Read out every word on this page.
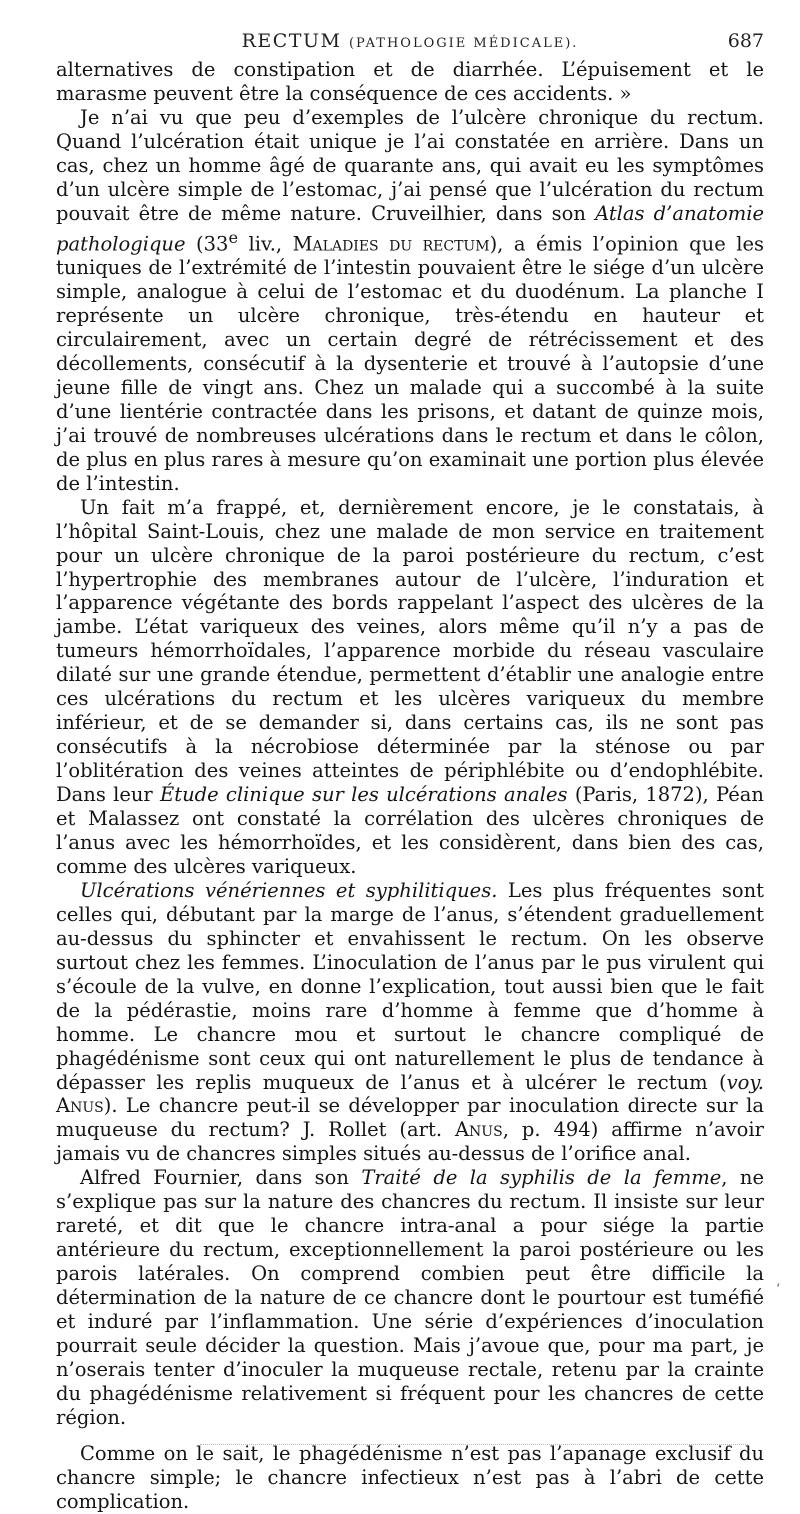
RECTUM (PATHOLOGIE MÉDICALE).	687

alternatives de constipation et de diarrhée. L’épuisement et le marasme peuvent être la conséquence de ces accidents. »

Je n’ai vu que peu d’exemples de l’ulcère chronique du rectum. Quand l’ulcération était unique je l’ai constatée en arrière. Dans un cas, chez un homme âgé de quarante ans, qui avait eu les symptômes d’un ulcère simple de l’estomac, j’ai pensé que l’ulcération du rectum pouvait être de même nature. Cruveilhier, dans son Atlas d’anatomie pathologique (33e liv., Maladies du rectum), a émis l’opinion que les tuniques de l’extrémité de l’intestin pouvaient être le siége d’un ulcère simple, analogue à celui de l’estomac et du duodénum. La planche I représente un ulcère chronique, très-étendu en hauteur et circulairement, avec un certain degré de rétrécissement et des décollements, consécutif à la dysenterie et trouvé à l’autopsie d’une jeune fille de vingt ans. Chez un malade qui a succombé à la suite d’une lientérie contractée dans les prisons, et datant de quinze mois, j’ai trouvé de nombreuses ulcérations dans le rectum et dans le côlon, de plus en plus rares à mesure qu’on examinait une portion plus élevée de l’intestin.

Un fait m’a frappé, et, dernièrement encore, je le constatais, à l’hôpital Saint-Louis, chez une malade de mon service en traitement pour un ulcère chronique de la paroi postérieure du rectum, c’est l’hypertrophie des membranes autour de l’ulcère, l’induration et l’apparence végétante des bords rappelant l’aspect des ulcères de la jambe. L’état variqueux des veines, alors même qu’il n’y a pas de tumeurs hémorrhoïdales, l’apparence morbide du réseau vasculaire dilaté sur une grande étendue, permettent d’établir une analogie entre ces ulcérations du rectum et les ulcères variqueux du membre inférieur, et de se demander si, dans certains cas, ils ne sont pas consécutifs à la nécrobiose déterminée par la sténose ou par l’oblitération des veines atteintes de périphlébite ou d’endophlébite. Dans leur Étude clinique sur les ulcérations anales (Paris, 1872), Péan et Malassez ont constaté la corrélation des ulcères chroniques de l’anus avec les hémorrhoïdes, et les considèrent, dans bien des cas, comme des ulcères variqueux.

Ulcérations vénériennes et syphilitiques. Les plus fréquentes sont celles qui, débutant par la marge de l’anus, s’étendent graduellement au-dessus du sphincter et envahissent le rectum. On les observe surtout chez les femmes. L’inoculation de l’anus par le pus virulent qui s’écoule de la vulve, en donne l’explication, tout aussi bien que le fait de la pédérastie, moins rare d’homme à femme que d’homme à homme. Le chancre mou et surtout le chancre compliqué de phagédénisme sont ceux qui ont naturellement le plus de tendance à dépasser les replis muqueux de l’anus et à ulcérer le rectum (voy. Anus). Le chancre peut-il se développer par inoculation directe sur la muqueuse du rectum? J. Rollet (art. Anus, p. 494) affirme n’avoir jamais vu de chancres simples situés au-dessus de l’orifice anal.

Alfred Fournier, dans son Traité de la syphilis de la femme, ne s’explique pas sur la nature des chancres du rectum. Il insiste sur leur rareté, et dit que le chancre intra-anal a pour siége la partie antérieure du rectum, exceptionnellement la paroi postérieure ou les parois latérales. On comprend combien peut être difficile la détermination de la nature de ce chancre dont le pourtour est tuméfié et induré par l’inflammation. Une série d’expériences d’inoculation pourrait seule décider la question. Mais j’avoue que, pour ma part, je n’oserais tenter d’inoculer la muqueuse rectale, retenu par la crainte du phagédénisme relativement si fréquent pour les chancres de cette région.

Comme on le sait, le phagédénisme n’est pas l’apanage exclusif du chancre simple; le chancre infectieux n’est pas à l’abri de cette complication.

ʻ
